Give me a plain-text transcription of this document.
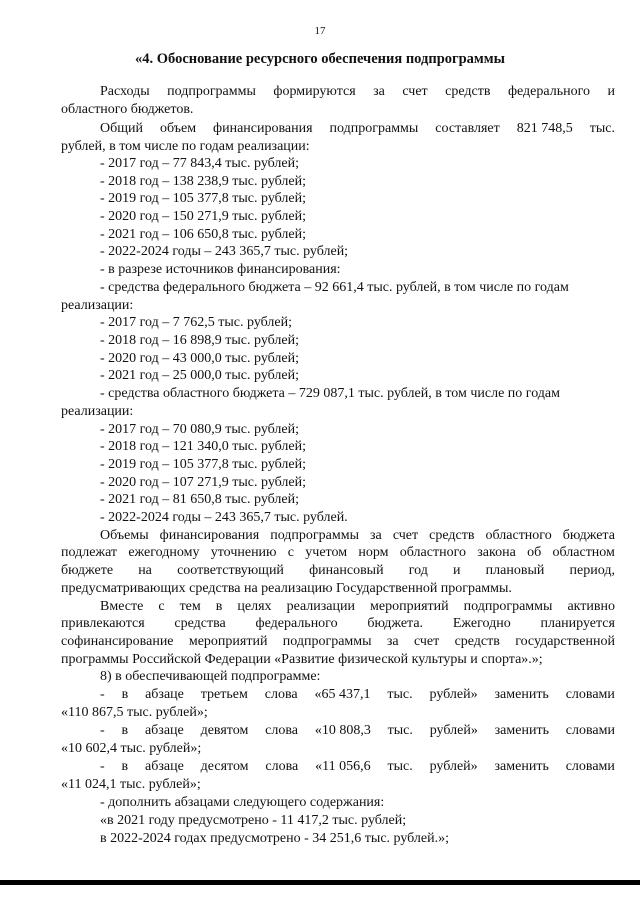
17
«4. Обоснование ресурсного обеспечения подпрограммы
Расходы подпрограммы формируются за счет средств федерального и
областного бюджетов.
Общий объем финансирования подпрограммы составляет 821 748,5 тыс.
рублей, в том числе по годам реализации:
- 2017 год – 77 843,4 тыс. рублей;
- 2018 год – 138 238,9 тыс. рублей;
- 2019 год – 105 377,8 тыс. рублей;
- 2020 год – 150 271,9 тыс. рублей;
- 2021 год – 106 650,8 тыс. рублей;
- 2022-2024 годы – 243 365,7 тыс. рублей;
- в разрезе источников финансирования:
- средства федерального бюджета – 92 661,4 тыс. рублей, в том числе по годам
реализации:
- 2017 год – 7 762,5 тыс. рублей;
- 2018 год – 16 898,9 тыс. рублей;
- 2020 год – 43 000,0 тыс. рублей;
- 2021 год – 25 000,0 тыс. рублей;
- средства областного бюджета – 729 087,1 тыс. рублей, в том числе по годам
реализации:
- 2017 год – 70 080,9 тыс. рублей;
- 2018 год – 121 340,0 тыс. рублей;
- 2019 год – 105 377,8 тыс. рублей;
- 2020 год – 107 271,9 тыс. рублей;
- 2021 год – 81 650,8 тыс. рублей;
- 2022-2024 годы – 243 365,7 тыс. рублей.
Объемы финансирования подпрограммы за счет средств областного бюджета
подлежат ежегодному уточнению с учетом норм областного закона об областном
бюджете на соответствующий финансовый год и плановый период,
предусматривающих средства на реализацию Государственной программы.
Вместе с тем в целях реализации мероприятий подпрограммы активно
привлекаются средства федерального бюджета. Ежегодно планируется
софинансирование мероприятий подпрограммы за счет средств государственной
программы Российской Федерации «Развитие физической культуры и спорта».»;
8) в обеспечивающей подпрограмме:
- в абзаце третьем слова «65 437,1 тыс. рублей» заменить словами
«110 867,5 тыс. рублей»;
- в абзаце девятом слова «10 808,3 тыс. рублей» заменить словами
«10 602,4 тыс. рублей»;
- в абзаце десятом слова «11 056,6 тыс. рублей» заменить словами
«11 024,1 тыс. рублей»;
- дополнить абзацами следующего содержания:
«в 2021 году предусмотрено - 11 417,2 тыс. рублей;
в 2022-2024 годах предусмотрено - 34 251,6 тыс. рублей.»;
